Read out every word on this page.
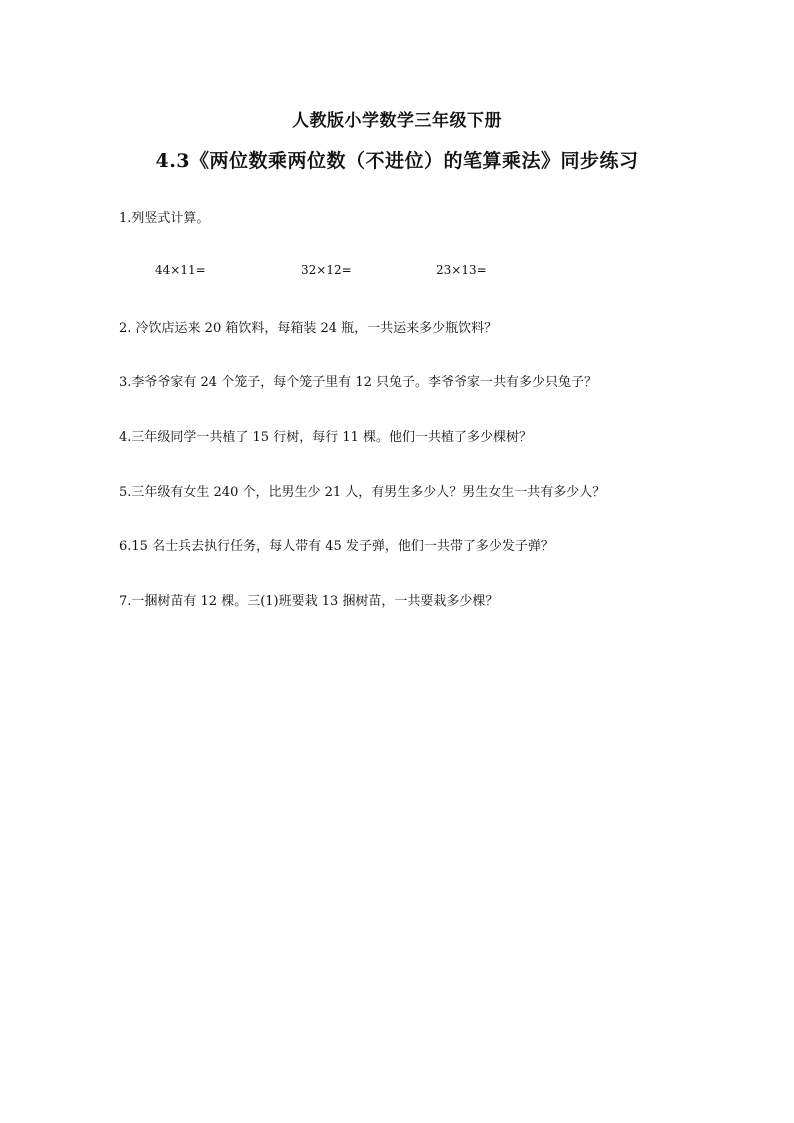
人教版小学数学三年级下册
4.3《两位数乘两位数（不进位）的笔算乘法》同步练习
1.列竖式计算。
44×11=	32×12=	23×13=
2. 冷饮店运来 20 箱饮料，每箱装 24 瓶，一共运来多少瓶饮料？
3.李爷爷家有 24 个笼子，每个笼子里有 12 只兔子。李爷爷家一共有多少只兔子？
4.三年级同学一共植了 15 行树，每行 11 棵。他们一共植了多少棵树？
5.三年级有女生 240 个，比男生少 21 人，有男生多少人？男生女生一共有多少人？
6.15 名士兵去执行任务，每人带有 45 发子弹，他们一共带了多少发子弹？
7.一捆树苗有 12 棵。三(1)班要栽 13 捆树苗，一共要栽多少棵？
